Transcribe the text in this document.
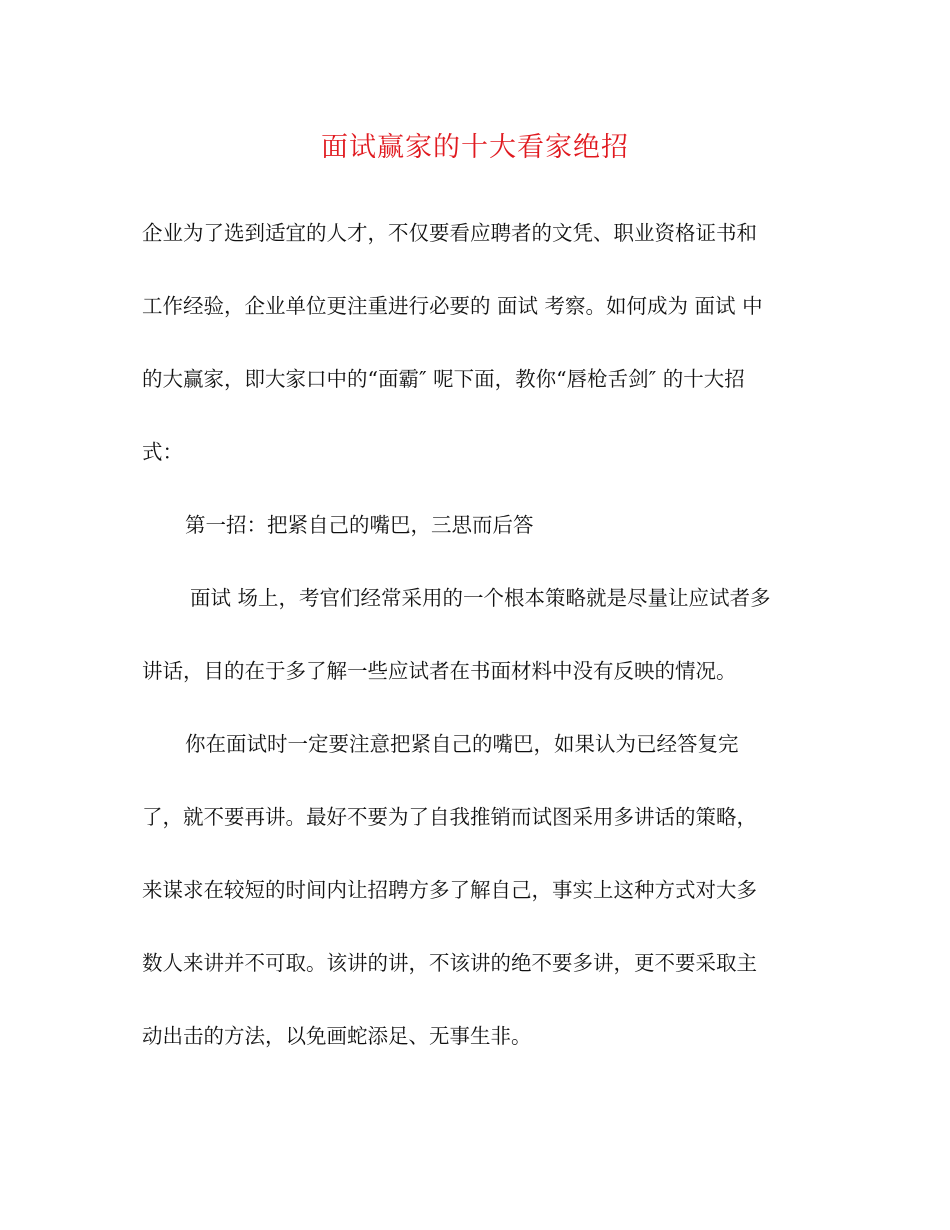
面试赢家的十大看家绝招
企业为了选到适宜的人才，不仅要看应聘者的文凭、职业资格证书和
工作经验，企业单位更注重进行必要的 面试 考察。如何成为 面试 中
的大赢家，即大家口中的“面霸″ 呢下面，教你“唇枪舌剑″ 的十大招
式：
第一招：把紧自己的嘴巴，三思而后答
面试 场上，考官们经常采用的一个根本策略就是尽量让应试者多
讲话，目的在于多了解一些应试者在书面材料中没有反映的情况。
你在面试时一定要注意把紧自己的嘴巴，如果认为已经答复完
了，就不要再讲。最好不要为了自我推销而试图采用多讲话的策略，
来谋求在较短的时间内让招聘方多了解自己，事实上这种方式对大多
数人来讲并不可取。该讲的讲，不该讲的绝不要多讲，更不要采取主
动出击的方法，以免画蛇添足、无事生非。
